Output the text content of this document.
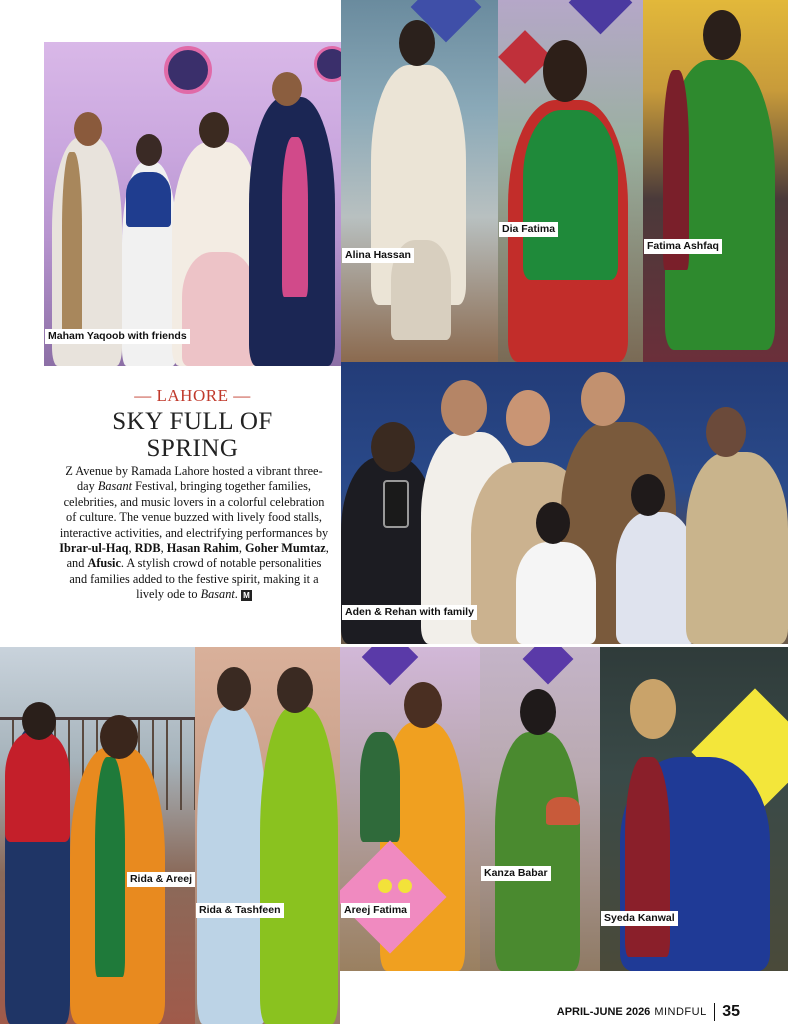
Maham Yaqoob with friends
Alina Hassan
Dia Fatima
Fatima Ashfaq
Aden & Rehan with family
— LAHORE —
SKY FULL OF
SPRING
Z Avenue by Ramada Lahore hosted a vibrant three-day Basant Festival, bringing together families, celebrities, and music lovers in a colorful celebration of culture. The venue buzzed with lively food stalls, interactive activities, and electrifying performances by Ibrar-ul-Haq, RDB, Hasan Rahim, Goher Mumtaz, and Afusic. A stylish crowd of notable personalities and families added to the festive spirit, making it a lively ode to Basant. M
Rida & Areej
Rida & Tashfeen	Areej Fatima
Kanza Babar
Syeda Kanwal
APRIL-JUNE 2026 MINDFUL 35
